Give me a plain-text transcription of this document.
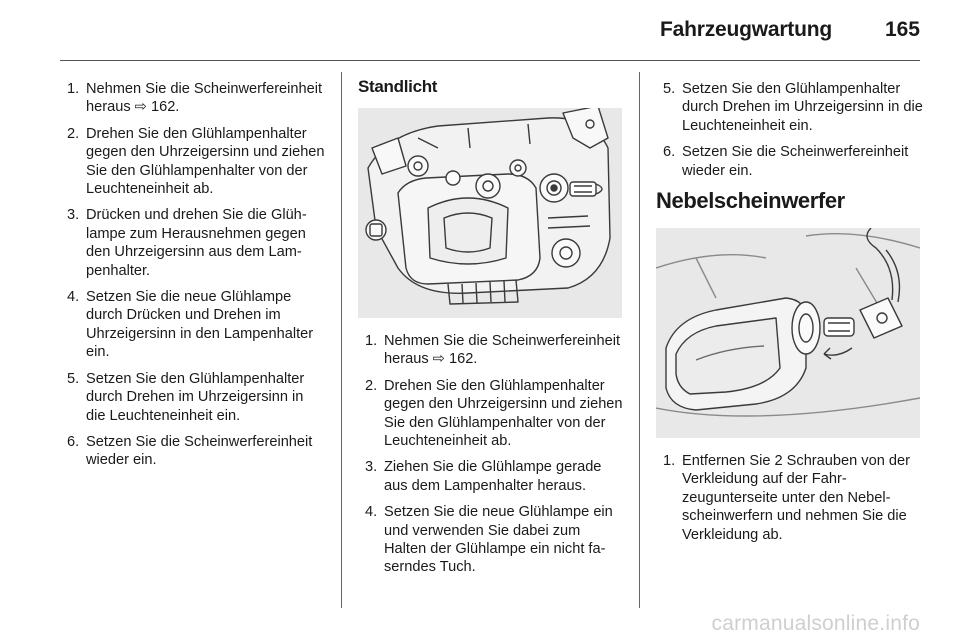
Fahrzeugwartung	165
1. Nehmen Sie die Scheinwerfereinheit heraus ⇨ 162.
2. Drehen Sie den Glühlampenhalter gegen den Uhrzeigersinn und ziehen Sie den Glühlampenhalter von der Leuchteneinheit ab.
3. Drücken und drehen Sie die Glühlampe zum Herausnehmen gegen den Uhrzeigersinn aus dem Lampenhalter.
4. Setzen Sie die neue Glühlampe durch Drücken und Drehen im Uhrzeigersinn in den Lampenhalter ein.
5. Setzen Sie den Glühlampenhalter durch Drehen im Uhrzeigersinn in die Leuchteneinheit ein.
6. Setzen Sie die Scheinwerfereinheit wieder ein.
Standlicht
1. Nehmen Sie die Scheinwerfereinheit heraus ⇨ 162.
2. Drehen Sie den Glühlampenhalter gegen den Uhrzeigersinn und ziehen Sie den Glühlampenhalter von der Leuchteneinheit ab.
3. Ziehen Sie die Glühlampe gerade aus dem Lampenhalter heraus.
4. Setzen Sie die neue Glühlampe ein und verwenden Sie dabei zum Halten der Glühlampe ein nicht faserndes Tuch.
5. Setzen Sie den Glühlampenhalter durch Drehen im Uhrzeigersinn in die Leuchteneinheit ein.
6. Setzen Sie die Scheinwerfereinheit wieder ein.
Nebelscheinwerfer
1. Entfernen Sie 2 Schrauben von der Verkleidung auf der Fahrzeugunterseite unter den Nebelscheinwerfern und nehmen Sie die Verkleidung ab.
carmanualsonline.info
